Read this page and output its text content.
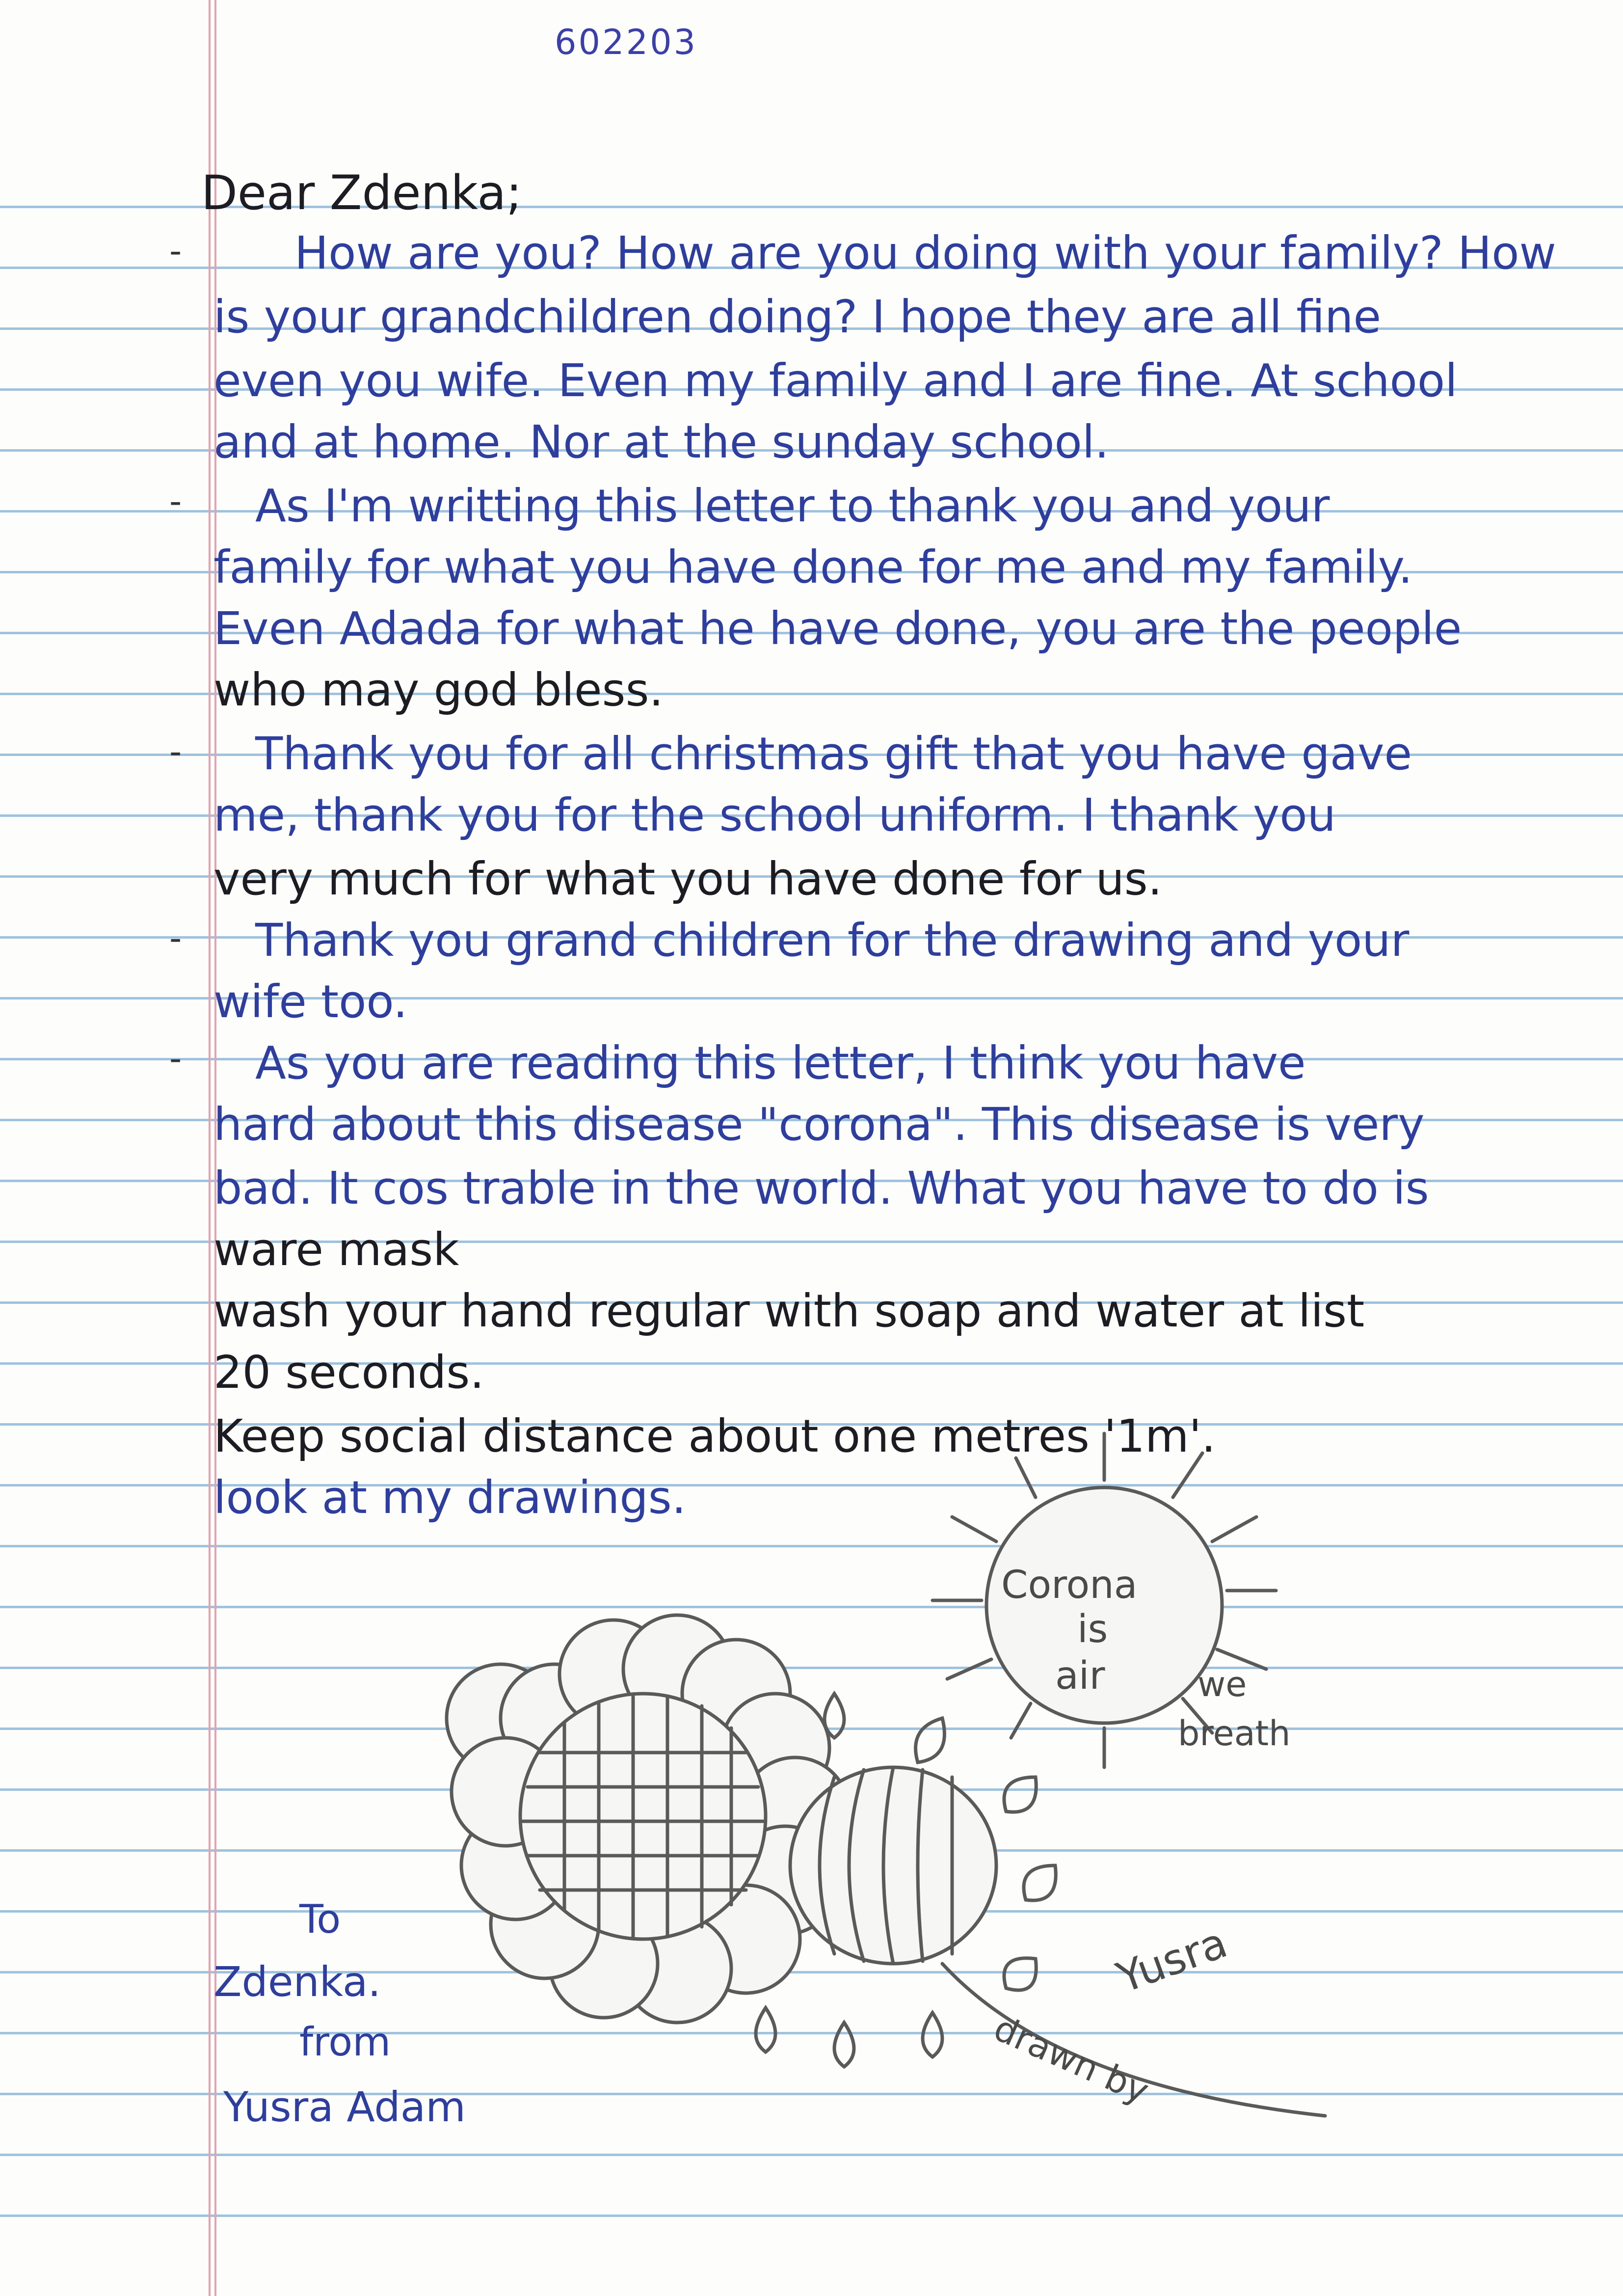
602203
Dear Zdenka;
-
-
-
-
-
How are you? How are you doing with your family? How
is your grandchildren doing? I hope they are all fine
even you wife. Even my family and I are fine. At school
and at home. Nor at the sunday school.
As I'm writting this letter to thank you and your
family for what you have done for me and my family.
Even Adada for what he have done, you are the people
who may god bless.
Thank you for all christmas gift that you have gave
me, thank you for the school uniform. I thank you
very much for what you have done for us.
Thank you grand children for the drawing and your
wife too.
As you are reading this letter, I think you have
hard about this disease "corona". This disease is very
bad. It cos trable in the world. What you have to do is
ware mask
wash your hand regular with soap and water at list
20 seconds.
Keep social distance about one metres '1m'.
look at my drawings.
Corona
is
air	we
breath
Yusra
drawn by
To
Zdenka.
from
Yusra Adam
